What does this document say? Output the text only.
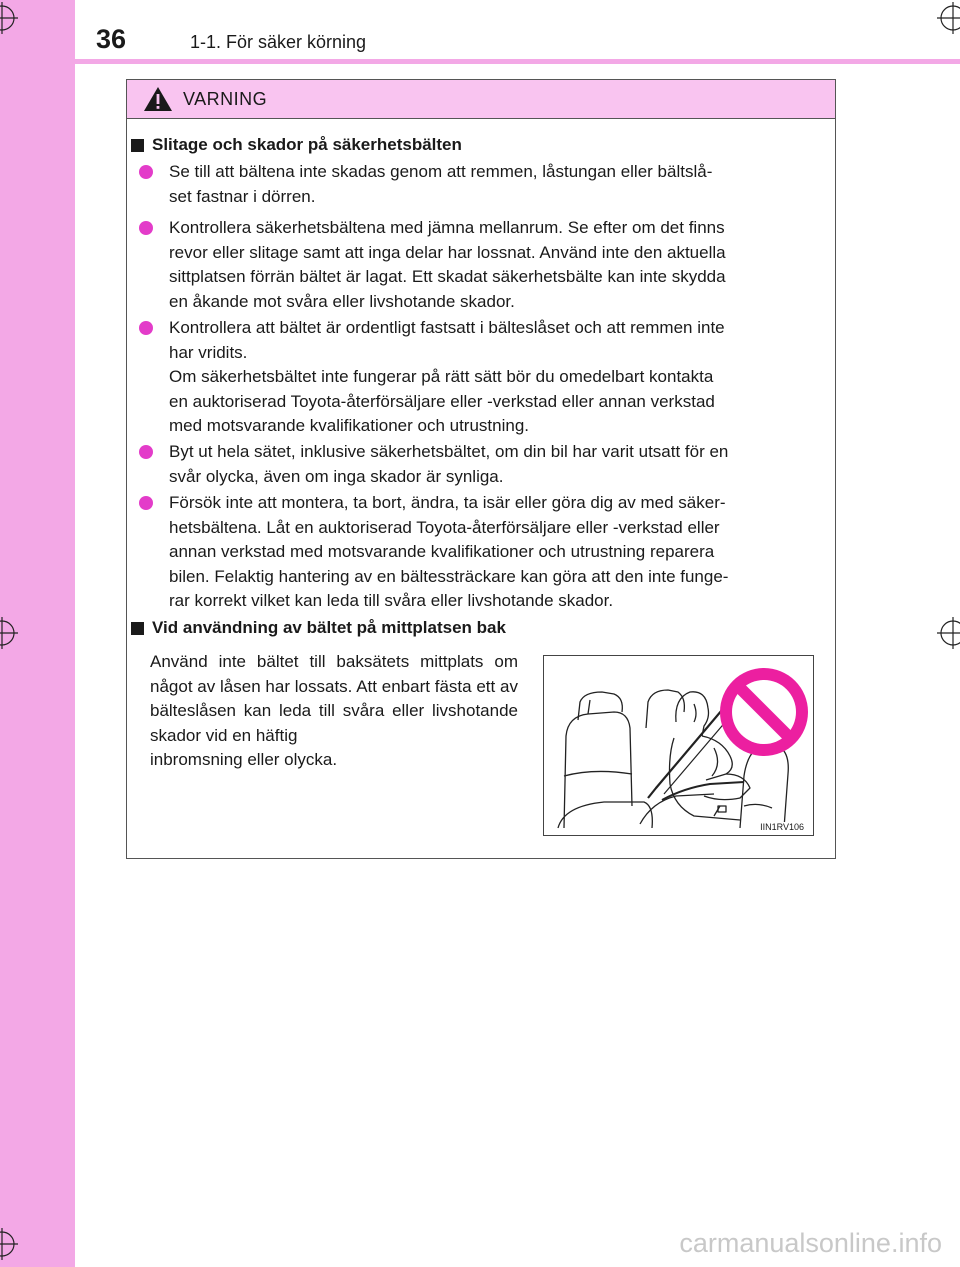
36	1-1. För säker körning
VARNING
Slitage och skador på säkerhetsbälten
Se till att bältena inte skadas genom att remmen, låstungan eller bältslå-
set fastnar i dörren.
Kontrollera säkerhetsbältena med jämna mellanrum. Se efter om det finns
revor eller slitage samt att inga delar har lossnat. Använd inte den aktuella
sittplatsen förrän bältet är lagat. Ett skadat säkerhetsbälte kan inte skydda
en åkande mot svåra eller livshotande skador.
Kontrollera att bältet är ordentligt fastsatt i bälteslåset och att remmen inte
har vridits.
Om säkerhetsbältet inte fungerar på rätt sätt bör du omedelbart kontakta
en auktoriserad Toyota-återförsäljare eller -verkstad eller annan verkstad
med motsvarande kvalifikationer och utrustning.
Byt ut hela sätet, inklusive säkerhetsbältet, om din bil har varit utsatt för en
svår olycka, även om inga skador är synliga.
Försök inte att montera, ta bort, ändra, ta isär eller göra dig av med säker-
hetsbältena. Låt en auktoriserad Toyota-återförsäljare eller -verkstad eller
annan verkstad med motsvarande kvalifikationer och utrustning reparera
bilen. Felaktig hantering av en bältessträckare kan göra att den inte funge-
rar korrekt vilket kan leda till svåra eller livshotande skador.
Vid användning av bältet på mittplatsen bak
Använd inte bältet till baksätets mittplats om något av låsen har lossats. Att enbart fästa ett av bälteslåsen kan leda till svåra eller livshotande skador vid en häftig
inbromsning eller olycka.
IIN1RV106
carmanualsonline.info
